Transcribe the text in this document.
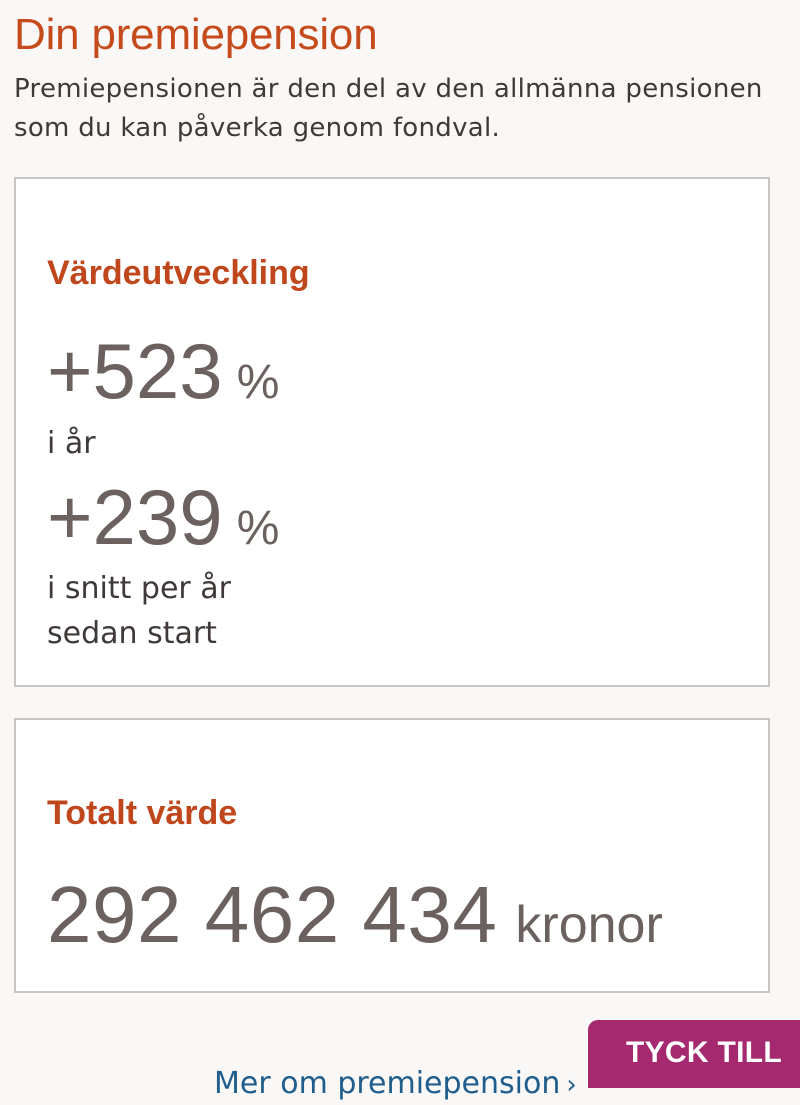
Din premiepension

Premiepensionen är den del av den allmänna pensionen som du kan påverka genom fondval.

Värdeutveckling
+523 %

i år

+239 %

i snitt per år sedan start

Totalt värde
292 462 434 kronor
Mer om premiepension ›
TYCK TILL
